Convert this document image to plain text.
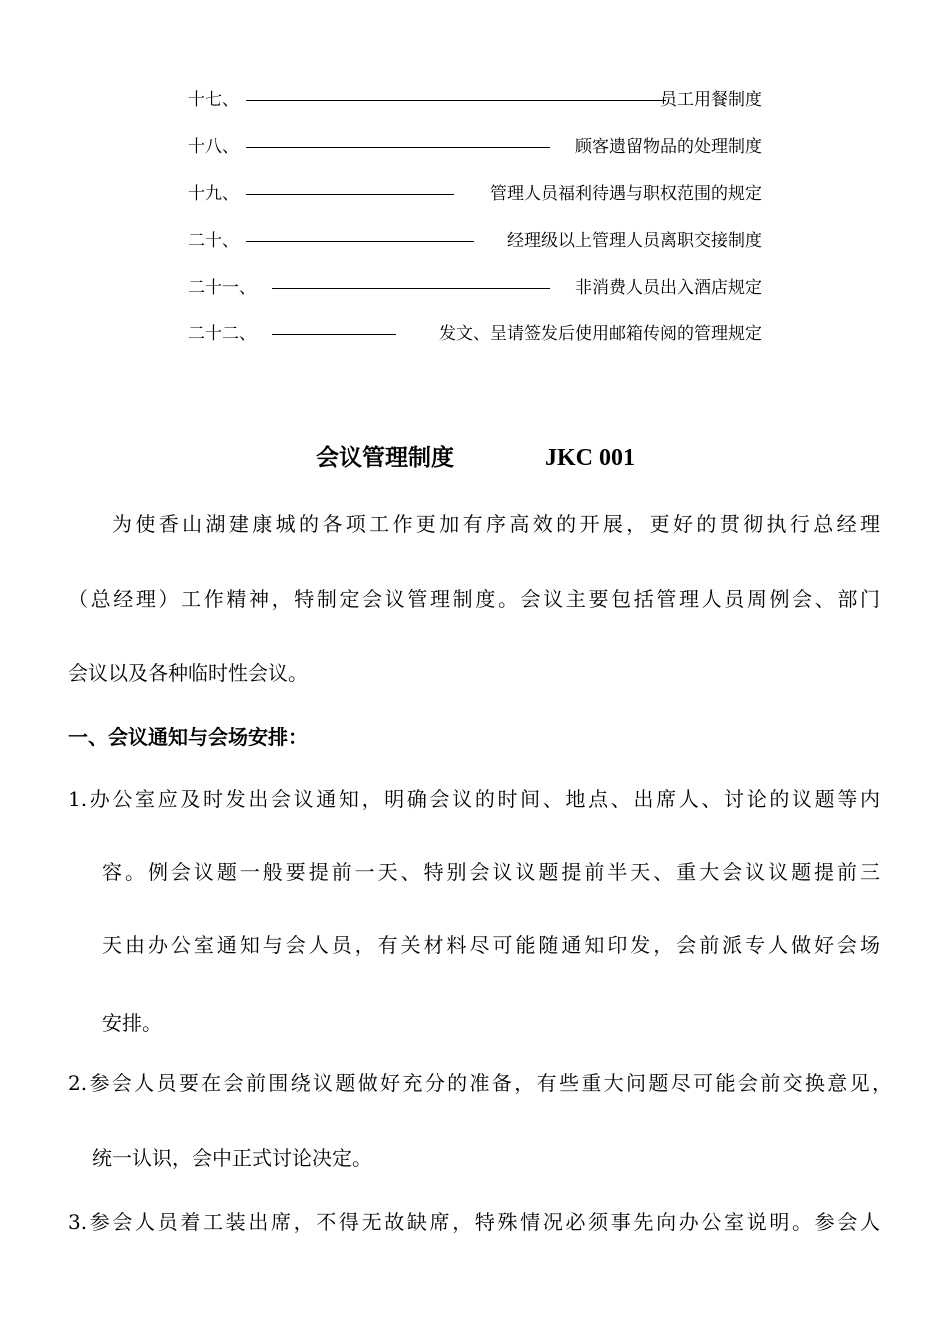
十七、	员工用餐制度
十八、	顾客遗留物品的处理制度
十九、	管理人员福利待遇与职权范围的规定
二十、	经理级以上管理人员离职交接制度
二十一、	非消费人员出入酒店规定
二十二、	发文、呈请签发后使用邮箱传阅的管理规定
会议管理制度	JKC 001
为使香山湖建康城的各项工作更加有序高效的开展，更好的贯彻执行总经理
（总经理）工作精神，特制定会议管理制度。会议主要包括管理人员周例会、部门
会议以及各种临时性会议。
一、会议通知与会场安排：
1.办公室应及时发出会议通知，明确会议的时间、地点、出席人、讨论的议题等内
容。例会议题一般要提前一天、特别会议议题提前半天、重大会议议题提前三
天由办公室通知与会人员，有关材料尽可能随通知印发，会前派专人做好会场
安排。
2.参会人员要在会前围绕议题做好充分的准备，有些重大问题尽可能会前交换意见，
统一认识，会中正式讨论决定。
3.参会人员着工装出席，不得无故缺席，特殊情况必须事先向办公室说明。参会人
